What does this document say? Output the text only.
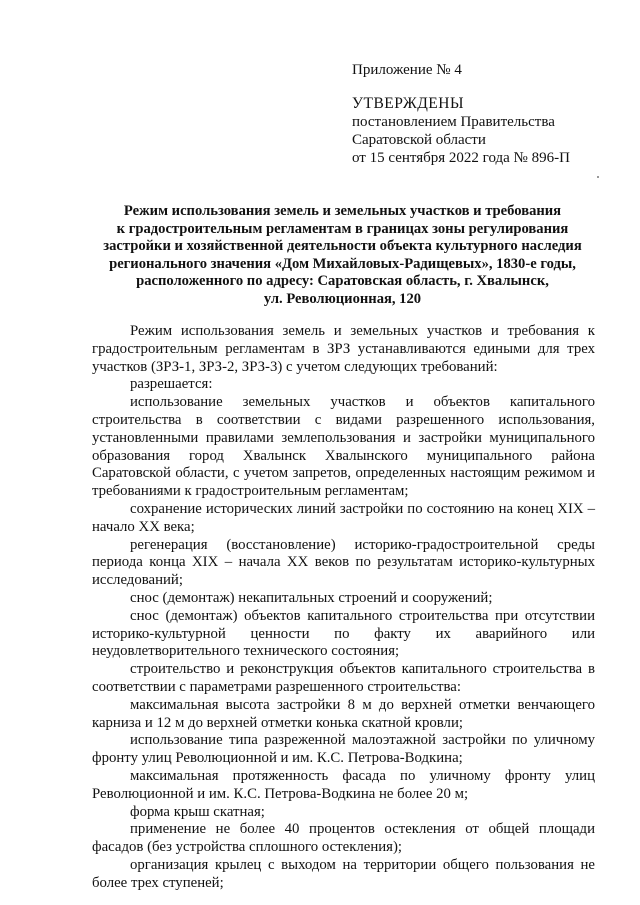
Приложение № 4
УТВЕРЖДЕНЫ
постановлением Правительства
Саратовской области
от 15 сентября 2022 года № 896-П
Режим использования земель и земельных участков и требования
к градостроительным регламентам в границах зоны регулирования
застройки и хозяйственной деятельности объекта культурного наследия
регионального значения «Дом Михайловых-Радищевых», 1830-е годы,
расположенного по адресу: Саратовская область, г. Хвалынск,
ул. Революционная, 120

Режим использования земель и земельных участков и требования к градостроительным регламентам в ЗРЗ устанавливаются едиными для трех участков (ЗРЗ-1, ЗРЗ-2, ЗРЗ-3) с учетом следующих требований:

разрешается:

использование земельных участков и объектов капитального строительства в соответствии с видами разрешенного использования, установленными правилами землепользования и застройки муниципального образования город Хвалынск Хвалынского муниципального района Саратовской области, с учетом запретов, определенных настоящим режимом и требованиями к градостроительным регламентам;

сохранение исторических линий застройки по состоянию на конец XIX – начало XX века;

регенерация (восстановление) историко-градостроительной среды периода конца XIX – начала XX веков по результатам историко-культурных исследований;

снос (демонтаж) некапитальных строений и сооружений;

снос (демонтаж) объектов капитального строительства при отсутствии историко-культурной ценности по факту их аварийного или неудовлетворительного технического состояния;

строительство и реконструкция объектов капитального строительства в соответствии с параметрами разрешенного строительства:

максимальная высота застройки 8 м до верхней отметки венчающего карниза и 12 м до верхней отметки конька скатной кровли;

использование типа разреженной малоэтажной застройки по уличному фронту улиц Революционной и им. К.С. Петрова-Водкина;

максимальная протяженность фасада по уличному фронту улиц Революционной и им. К.С. Петрова-Водкина не более 20 м;

форма крыш скатная;

применение не более 40 процентов остекления от общей площади фасадов (без устройства сплошного остекления);

организация крылец с выходом на территории общего пользования не более трех ступеней;
